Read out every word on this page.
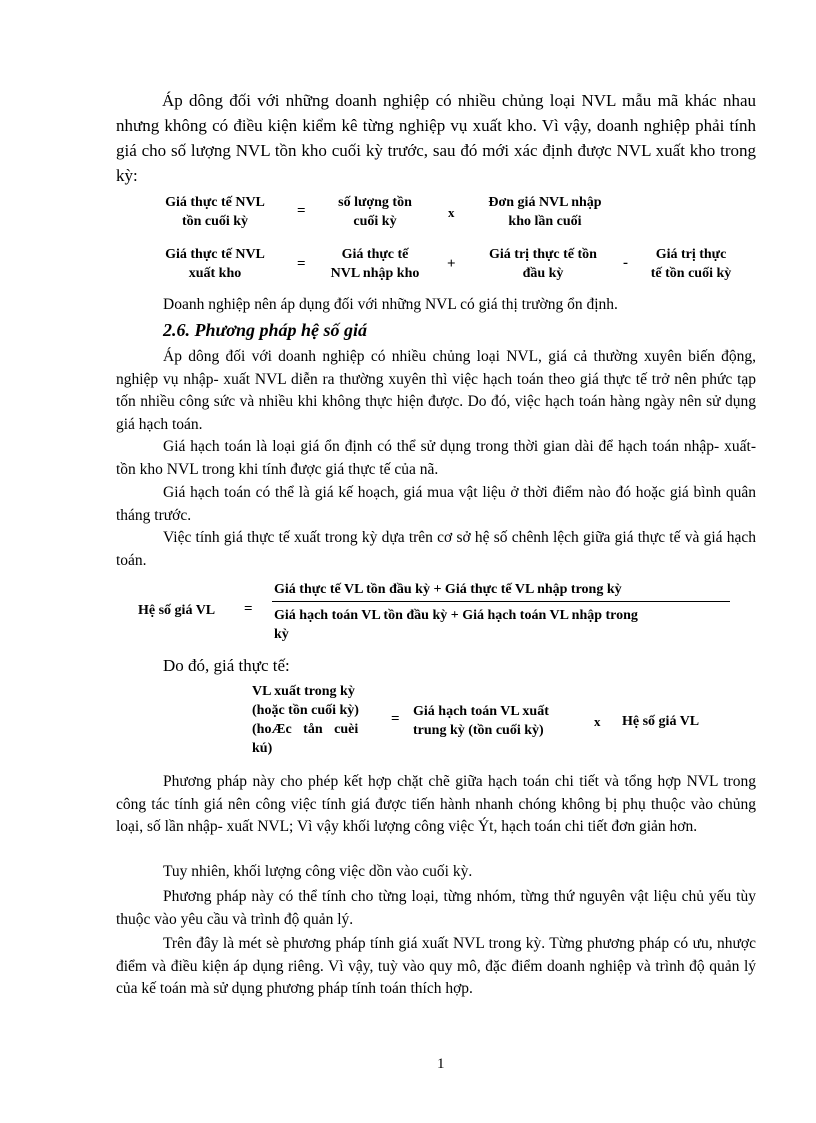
Áp dông đối với những doanh nghiệp có nhiều chủng loại NVL mẫu mã khác nhau nhưng không có điều kiện kiểm kê từng nghiệp vụ xuất kho. Vì vậy, doanh nghiệp phải tính giá cho số lượng NVL tồn kho cuối kỳ trước, sau đó mới xác định được NVL xuất kho trong kỳ:

Giá thực tế NVL
tồn cuối kỳ
=
số lượng tồn
cuối kỳ
x
Đơn giá NVL nhập
kho lần cuối
Giá thực tế NVL
xuất kho
=
Giá thực tế
NVL nhập kho
+
Giá trị thực tế tồn
đầu kỳ
-
Giá trị thực
tế tồn cuối kỳ

Doanh nghiệp nên áp dụng đối với những NVL có giá thị trường ổn định.

2.6. Phương pháp hệ số giá

Áp dông đối với doanh nghiệp có nhiều chủng loại NVL, giá cả thường xuyên biến động, nghiệp vụ nhập- xuất NVL diễn ra thường xuyên thì việc hạch toán theo giá thực tế trở nên phức tạp tốn nhiều công sức và nhiều khi không thực hiện được. Do đó, việc hạch toán hàng ngày nên sử dụng giá hạch toán.

Giá hạch toán là loại giá ổn định có thể sử dụng trong thời gian dài để hạch toán nhập- xuất- tồn kho NVL trong khi tính được giá thực tế của nã.

Giá hạch toán có thể là giá kế hoạch, giá mua vật liệu ở thời điểm nào đó hoặc giá bình quân tháng trước.

Việc tính giá thực tế xuất trong kỳ dựa trên cơ sở hệ số chênh lệch giữa giá thực tế và giá hạch toán.

Hệ số giá VL =
Giá thực tế VL tồn đầu kỳ + Giá thực tế VL nhập trong kỳ
Giá hạch toán VL tồn đầu kỳ + Giá hạch toán VL nhập trong
kỳ

Do đó, giá thực tế:

VL xuất trong kỳ
(hoặc tồn cuối kỳ)
(hoÆc tån cuèi
kú)
= Giá hạch toán VL xuất
trung kỳ (tồn cuối kỳ)
x Hệ số giá VL

Phương pháp này cho phép kết hợp chặt chẽ giữa hạch toán chi tiết và tổng hợp NVL trong công tác tính giá nên công việc tính giá được tiến hành nhanh chóng không bị phụ thuộc vào chủng loại, số lần nhập- xuất NVL; Vì vậy khối lượng công việc Ýt, hạch toán chi tiết đơn giản hơn.

Tuy nhiên, khối lượng công việc dồn vào cuối kỳ.

Phương pháp này có thể tính cho từng loại, từng nhóm, từng thứ nguyên vật liệu chủ yếu tùy thuộc vào yêu cầu và trình độ quản lý.

Trên đây là mét sè phương pháp tính giá xuất NVL trong kỳ. Từng phương pháp có ưu, nhược điểm và điều kiện áp dụng riêng. Vì vậy, tuỳ vào quy mô, đặc điểm doanh nghiệp và trình độ quản lý của kế toán mà sử dụng phương pháp tính toán thích hợp.

1
